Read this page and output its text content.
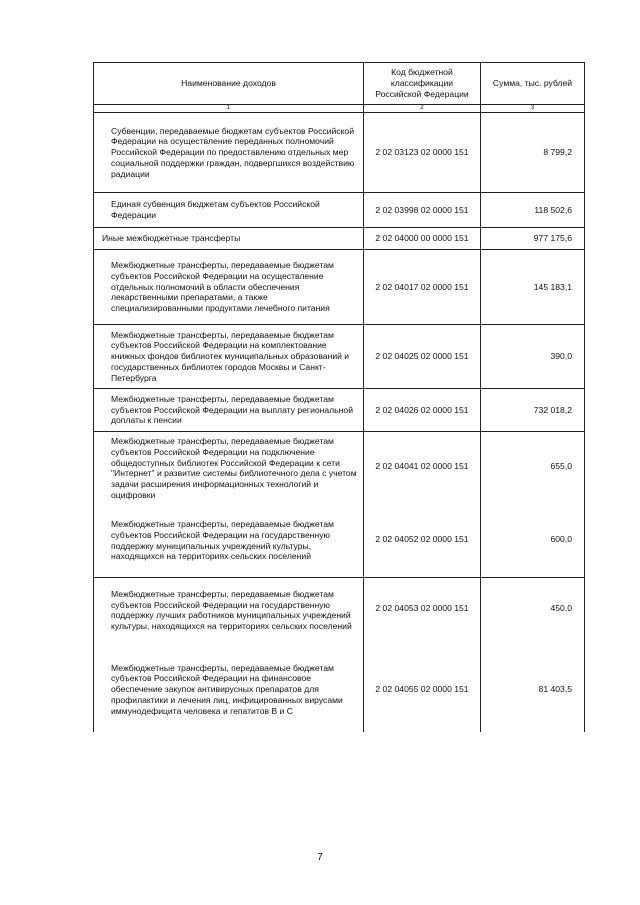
Наименование доходов	Код бюджетной классификации Российской Федерации	Сумма, тыс. рублей
1	2	3
Субвенции, передаваемые бюджетам субъектов Российской Федерации на осуществление переданных полномочий Российской Федерации по предоставлению отдельных мер социальной поддержки граждан, подвергшихся воздействию радиации	2 02 03123 02 0000 151	8 799,2
Единая субвенция бюджетам субъектов Российской Федерации	2 02 03998 02 0000 151	118 502,6
Иные межбюджетные трансферты	2 02 04000 00 0000 151	977 175,6
Межбюджетные трансферты, передаваемые бюджетам субъектов Российской Федерации на осуществление отдельных полномочий в области обеспечения лекарственными препаратами, а также специализированными продуктами лечебного питания	2 02 04017 02 0000 151	145 183,1
Межбюджетные трансферты, передаваемые бюджетам субъектов Российской Федерации на комплектование книжных фондов библиотек муниципальных образований и государственных библиотек городов Москвы и Санкт-Петербурга	2 02 04025 02 0000 151	390,0
Межбюджетные трансферты, передаваемые бюджетам субъектов Российской Федерации на выплату региональной доплаты к пенсии	2 02 04026 02 0000 151	732 018,2
Межбюджетные трансферты, передаваемые бюджетам субъектов Российской Федерации на подключение общедоступных библиотек Российской Федерации к сети "Интернет" и развитие системы библиотечного дела с учетом задачи расширения информационных технологий и оцифровки	2 02 04041 02 0000 151	655,0
Межбюджетные трансферты, передаваемые бюджетам субъектов Российской Федерации на государственную поддержку муниципальных учреждений культуры, находящихся на территориях сельских поселений	2 02 04052 02 0000 151	600,0
Межбюджетные трансферты, передаваемые бюджетам субъектов Российской Федерации на государственную поддержку лучших работников муниципальных учреждений культуры, находящихся на территориях сельских поселений	2 02 04053 02 0000 151	450,0
Межбюджетные трансферты, передаваемые бюджетам субъектов Российской Федерации на финансовое обеспечение закупок антивирусных препаратов для профилактики и лечения лиц, инфицированных вирусами иммунодефицита человека и гепатитов В и С	2 02 04055 02 0000 151	81 403,5
7
